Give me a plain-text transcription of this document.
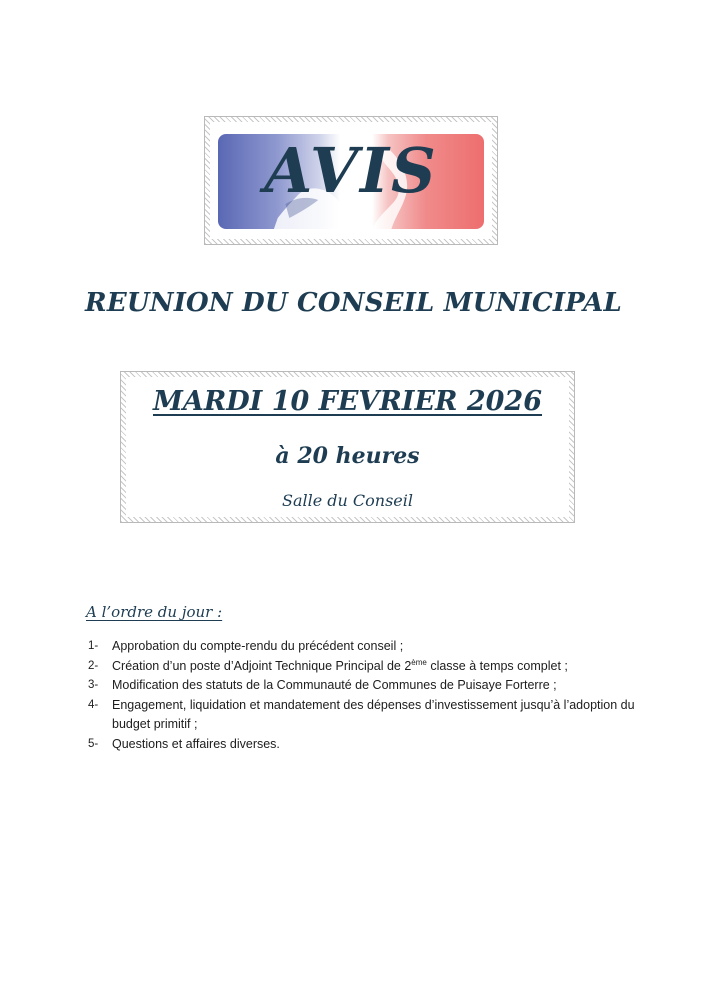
AVIS
REUNION DU CONSEIL MUNICIPAL
MARDI 10 FEVRIER 2026
à 20 heures
Salle du Conseil
A l’ordre du jour :
1- Approbation du compte-rendu du précédent conseil ;
2- Création d’un poste d’Adjoint Technique Principal de 2ème classe à temps complet ;
3- Modification des statuts de la Communauté de Communes de Puisaye Forterre ;
4- Engagement, liquidation et mandatement des dépenses d’investissement jusqu’à l’adoption du budget primitif ;
5- Questions et affaires diverses.
